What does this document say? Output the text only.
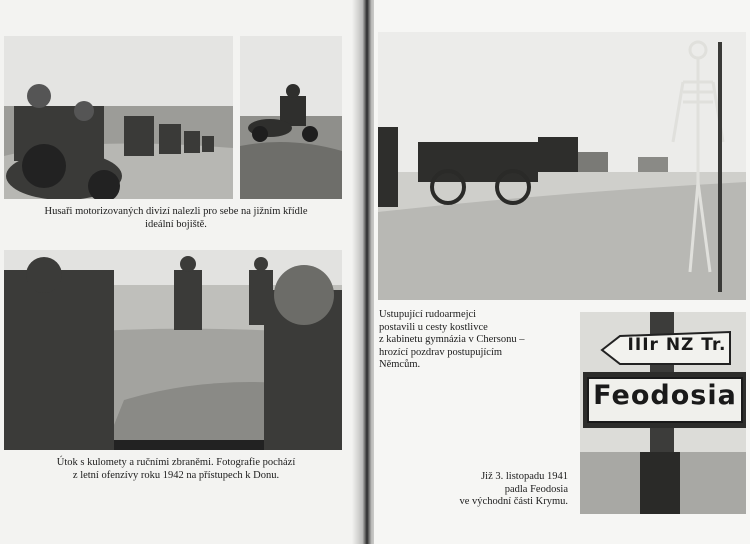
Husaři motorizovaných divizí nalezli pro sebe na jižním křídle
ideální bojiště.
Útok s kulomety a ručními zbraněmi. Fotografie pochází
z letní ofenzívy roku 1942 na přístupech k Donu.
Ustupující rudoarmejci
postavili u cesty kostlivce
z kabinetu gymnázia v Chersonu –
hrozící pozdrav postupujícím
Němcům.
IIIr NZ Tr.
Feodosia
Již 3. listopadu 1941
padla Feodosia
ve východní části Krymu.
